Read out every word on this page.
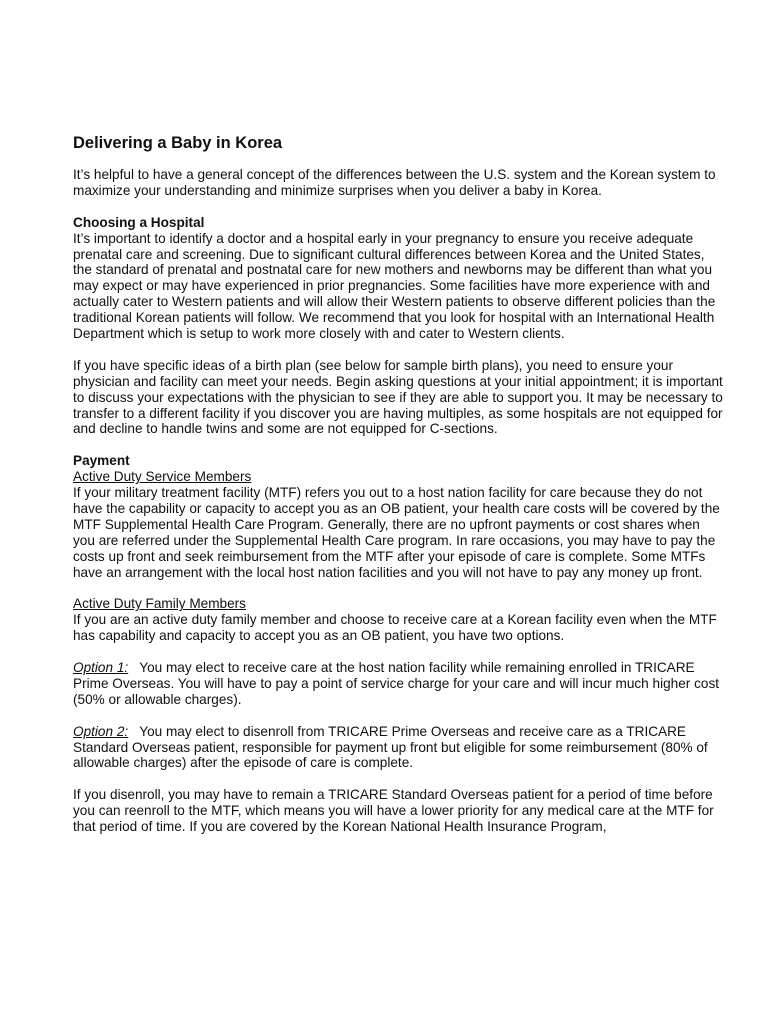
Delivering a Baby in Korea

It’s helpful to have a general concept of the differences between the U.S. system and the Korean system to maximize your understanding and minimize surprises when you deliver a baby in Korea.

Choosing a Hospital

It’s important to identify a doctor and a hospital early in your pregnancy to ensure you receive adequate prenatal care and screening. Due to significant cultural differences between Korea and the United States, the standard of prenatal and postnatal care for new mothers and newborns may be different than what you may expect or may have experienced in prior pregnancies. Some facilities have more experience with and actually cater to Western patients and will allow their Western patients to observe different policies than the traditional Korean patients will follow. We recommend that you look for hospital with an International Health Department which is setup to work more closely with and cater to Western clients.

If you have specific ideas of a birth plan (see below for sample birth plans), you need to ensure your physician and facility can meet your needs. Begin asking questions at your initial appointment; it is important to discuss your expectations with the physician to see if they are able to support you. It may be necessary to transfer to a different facility if you discover you are having multiples, as some hospitals are not equipped for and decline to handle twins and some are not equipped for C-sections.

Payment

Active Duty Service Members
If your military treatment facility (MTF) refers you out to a host nation facility for care because they do not have the capability or capacity to accept you as an OB patient, your health care costs will be covered by the MTF Supplemental Health Care Program. Generally, there are no upfront payments or cost shares when you are referred under the Supplemental Health Care program. In rare occasions, you may have to pay the costs up front and seek reimbursement from the MTF after your episode of care is complete. Some MTFs have an arrangement with the local host nation facilities and you will not have to pay any money up front.

Active Duty Family Members
If you are an active duty family member and choose to receive care at a Korean facility even when the MTF has capability and capacity to accept you as an OB patient, you have two options.

Option 1:   You may elect to receive care at the host nation facility while remaining enrolled in TRICARE Prime Overseas. You will have to pay a point of service charge for your care and will incur much higher cost (50% or allowable charges).

Option 2:   You may elect to disenroll from TRICARE Prime Overseas and receive care as a TRICARE Standard Overseas patient, responsible for payment up front but eligible for some reimbursement (80% of allowable charges) after the episode of care is complete.

If you disenroll, you may have to remain a TRICARE Standard Overseas patient for a period of time before you can reenroll to the MTF, which means you will have a lower priority for any medical care at the MTF for that period of time. If you are covered by the Korean National Health Insurance Program,
